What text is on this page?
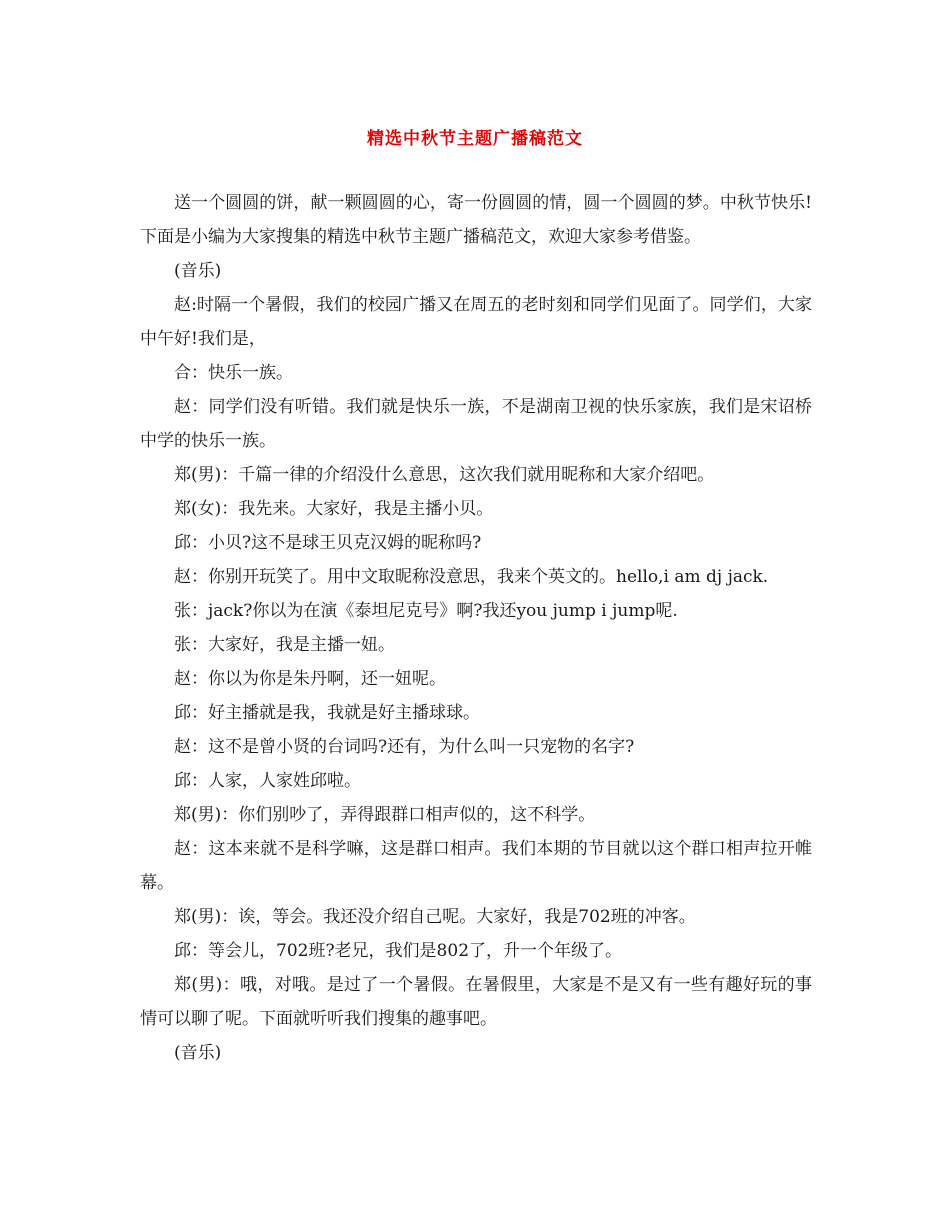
精选中秋节主题广播稿范文

送一个圆圆的饼，献一颗圆圆的心，寄一份圆圆的情，圆一个圆圆的梦。中秋节快乐!下面是小编为大家搜集的精选中秋节主题广播稿范文，欢迎大家参考借鉴。

(音乐)

赵:时隔一个暑假，我们的校园广播又在周五的老时刻和同学们见面了。同学们，大家中午好!我们是，

合：快乐一族。

赵：同学们没有听错。我们就是快乐一族，不是湖南卫视的快乐家族，我们是宋诏桥中学的快乐一族。

郑(男)：千篇一律的介绍没什么意思，这次我们就用昵称和大家介绍吧。

郑(女)：我先来。大家好，我是主播小贝。

邱：小贝?这不是球王贝克汉姆的昵称吗?

赵：你别开玩笑了。用中文取昵称没意思，我来个英文的。hello,i am dj jack.

张：jack?你以为在演《泰坦尼克号》啊?我还you jump i jump呢.

张：大家好，我是主播一妞。

赵：你以为你是朱丹啊，还一妞呢。

邱：好主播就是我，我就是好主播球球。

赵：这不是曾小贤的台词吗?还有，为什么叫一只宠物的名字?

邱：人家，人家姓邱啦。

郑(男)：你们别吵了，弄得跟群口相声似的，这不科学。

赵：这本来就不是科学嘛，这是群口相声。我们本期的节目就以这个群口相声拉开帷幕。

郑(男)：诶，等会。我还没介绍自己呢。大家好，我是702班的冲客。

邱：等会儿，702班?老兄，我们是802了，升一个年级了。

郑(男)：哦，对哦。是过了一个暑假。在暑假里，大家是不是又有一些有趣好玩的事情可以聊了呢。下面就听听我们搜集的趣事吧。

(音乐)
